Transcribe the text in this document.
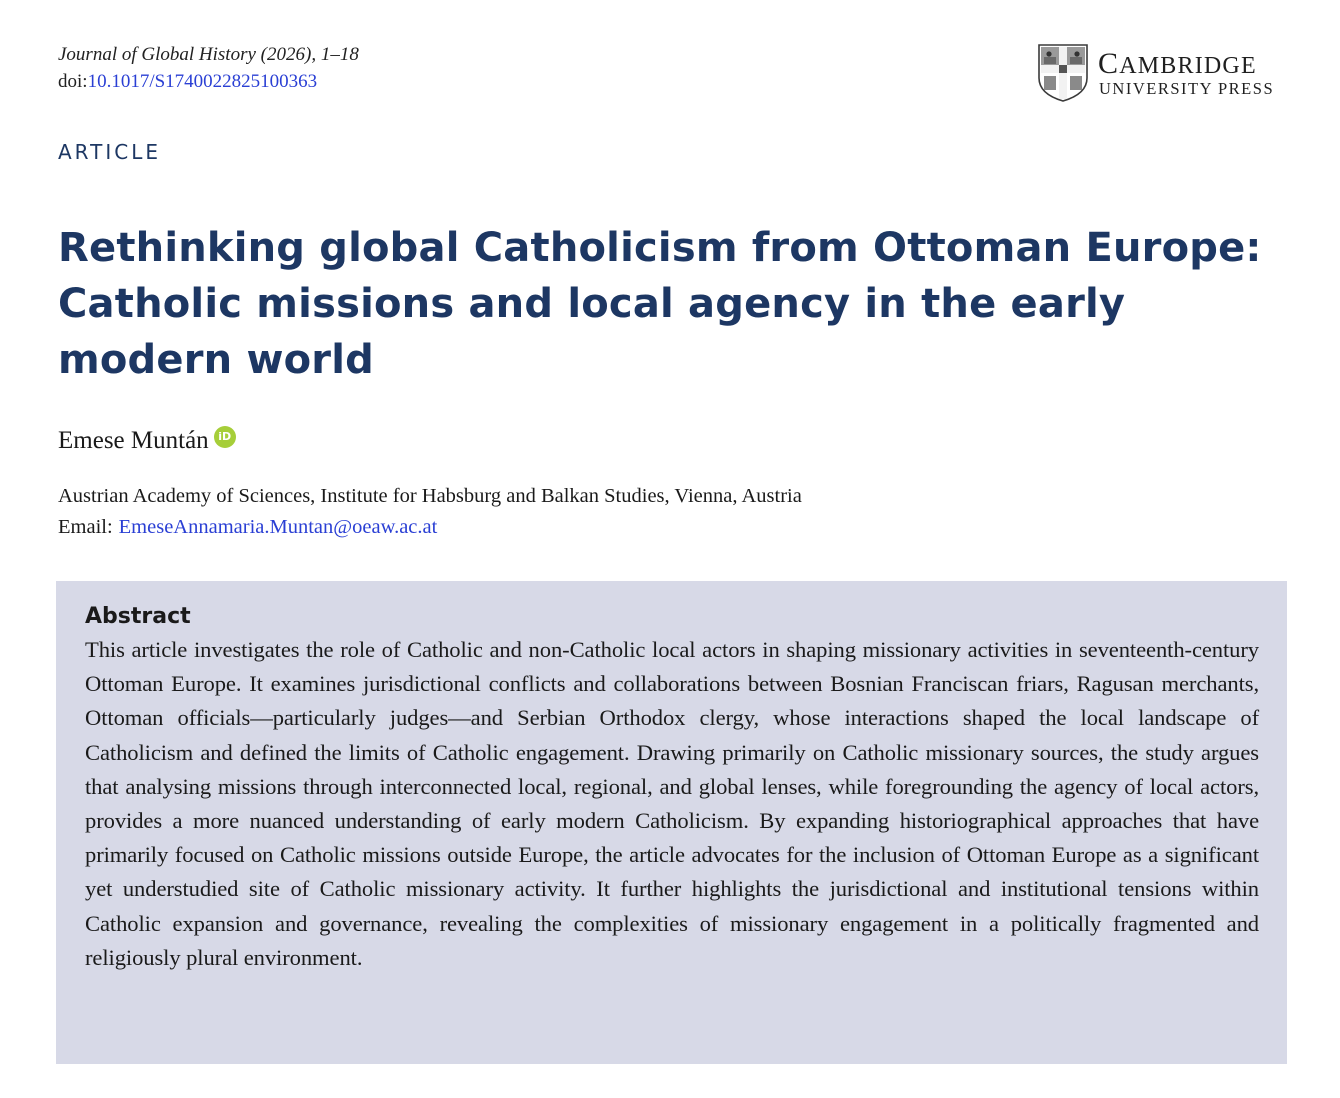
Journal of Global History (2026), 1–18
doi:10.1017/S1740022825100363
CAMBRIDGE
UNIVERSITY PRESS
ARTICLE
Rethinking global Catholicism from Ottoman Europe: Catholic missions and local agency in the early modern world
Emese Muntán iD
Austrian Academy of Sciences, Institute for Habsburg and Balkan Studies, Vienna, Austria
Email: EmeseAnnamaria.Muntan@oeaw.ac.at
Abstract

This article investigates the role of Catholic and non-Catholic local actors in shaping missionary activities in seventeenth-century Ottoman Europe. It examines jurisdictional conflicts and collaborations between Bosnian Franciscan friars, Ragusan merchants, Ottoman officials—particularly judges—and Serbian Orthodox clergy, whose interactions shaped the local landscape of Catholicism and defined the limits of Catholic engagement. Drawing primarily on Catholic missionary sources, the study argues that analysing missions through interconnected local, regional, and global lenses, while foregrounding the agency of local actors, provides a more nuanced understanding of early modern Catholicism. By expanding historiographical approaches that have primarily focused on Catholic missions outside Europe, the article advocates for the inclusion of Ottoman Europe as a significant yet understudied site of Catholic missionary activity. It further highlights the jurisdictional and institutional tensions within Catholic expansion and governance, revealing the complexities of missionary engagement in a politically fragmented and religiously plural environment.
